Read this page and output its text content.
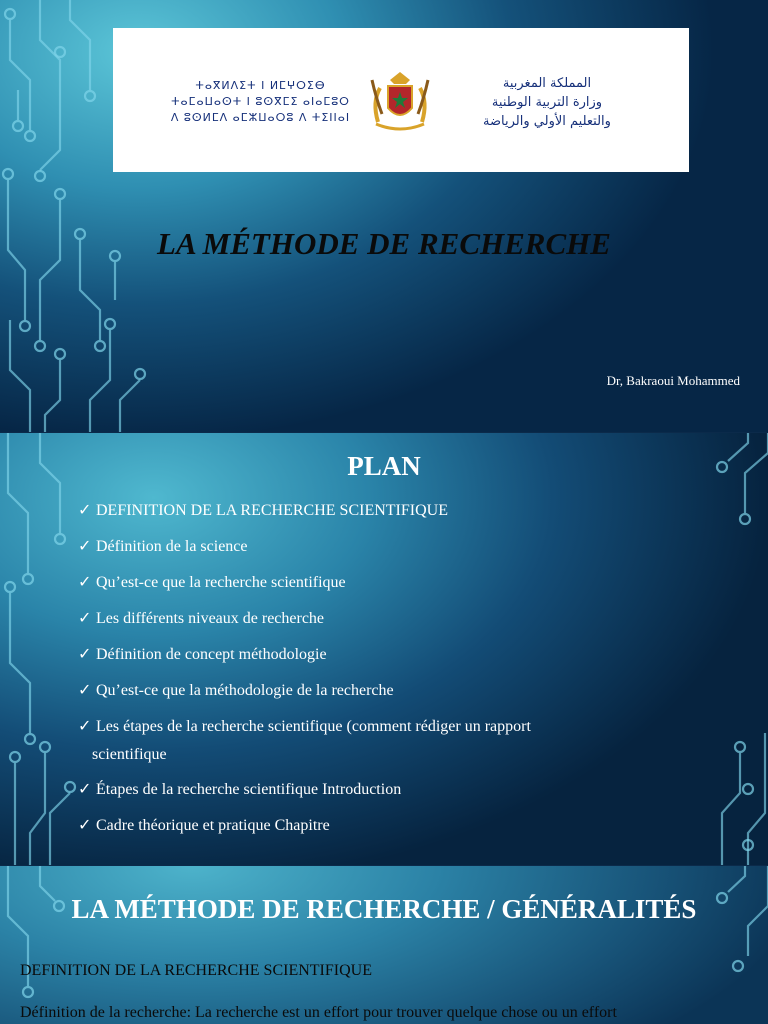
ⵜⴰⴳⵍⴷⵉⵜ ⵏ ⵍⵎⵖⵔⵉⴱ
ⵜⴰⵎⴰⵡⴰⵙⵜ ⵏ ⵓⵙⴳⵎⵉ ⴰⵏⴰⵎⵓⵔ
ⴷ ⵓⵙⵍⵎⴷ ⴰⵎⵣⵡⴰⵔⵓ ⴷ ⵜⵉⵏⵏⴰⵏ
المملكة المغربية
وزارة التربية الوطنية
والتعليم الأولي والرياضة
LA MÉTHODE DE RECHERCHE
Dr, Bakraoui Mohammed
PLAN
✓ DEFINITION DE LA RECHERCHE SCIENTIFIQUE
✓ Définition de la science
✓ Qu’est-ce que la recherche scientifique
✓ Les différents niveaux de recherche
✓ Définition de concept méthodologie
✓ Qu’est-ce que la méthodologie de la recherche
✓ Les étapes de la recherche scientifique (comment rédiger un rapport
scientifique
✓ Étapes de la recherche scientifique Introduction
✓ Cadre théorique et pratique Chapitre
LA MÉTHODE DE RECHERCHE / GÉNÉRALITÉS
DEFINITION DE LA RECHERCHE SCIENTIFIQUE
Définition de la recherche: La recherche est un effort pour trouver quelque chose ou un effort
